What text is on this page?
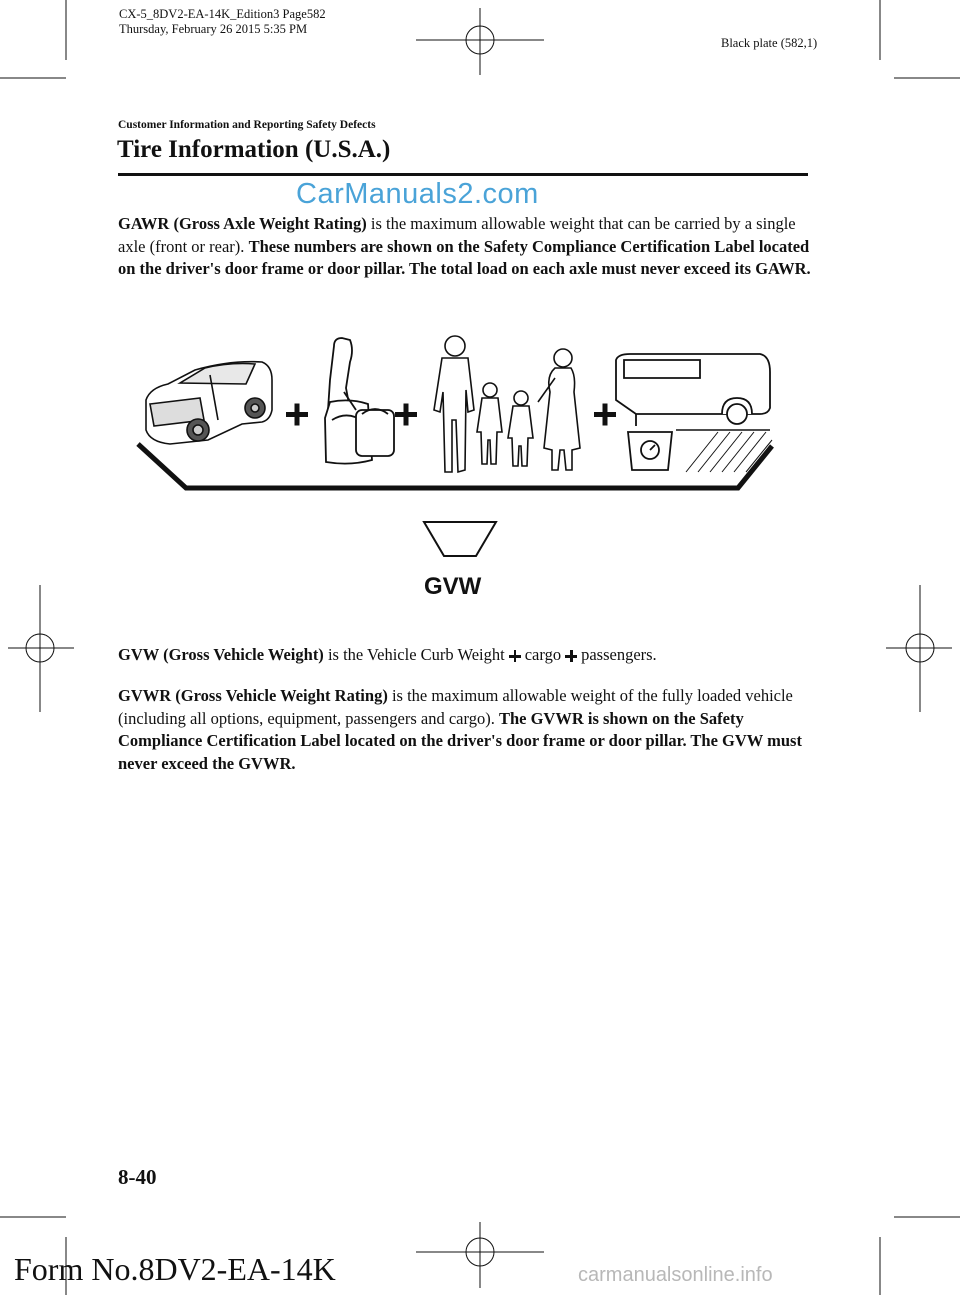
CX-5_8DV2-EA-14K_Edition3 Page582
Thursday, February 26 2015 5:35 PM
Black plate (582,1)
Customer Information and Reporting Safety Defects
Tire Information (U.S.A.)
CarManuals2.com
GAWR (Gross Axle Weight Rating) is the maximum allowable weight that can be carried by a single axle (front or rear). These numbers are shown on the Safety Compliance Certification Label located on the driver's door frame or door pillar. The total load on each axle must never exceed its GAWR.
GVW
GVW (Gross Vehicle Weight) is the Vehicle Curb Weight cargo passengers.
GVWR (Gross Vehicle Weight Rating) is the maximum allowable weight of the fully loaded vehicle (including all options, equipment, passengers and cargo). The GVWR is shown on the Safety Compliance Certification Label located on the driver's door frame or door pillar. The GVW must never exceed the GVWR.
8-40
Form No.8DV2-EA-14K	carmanualsonline.info
